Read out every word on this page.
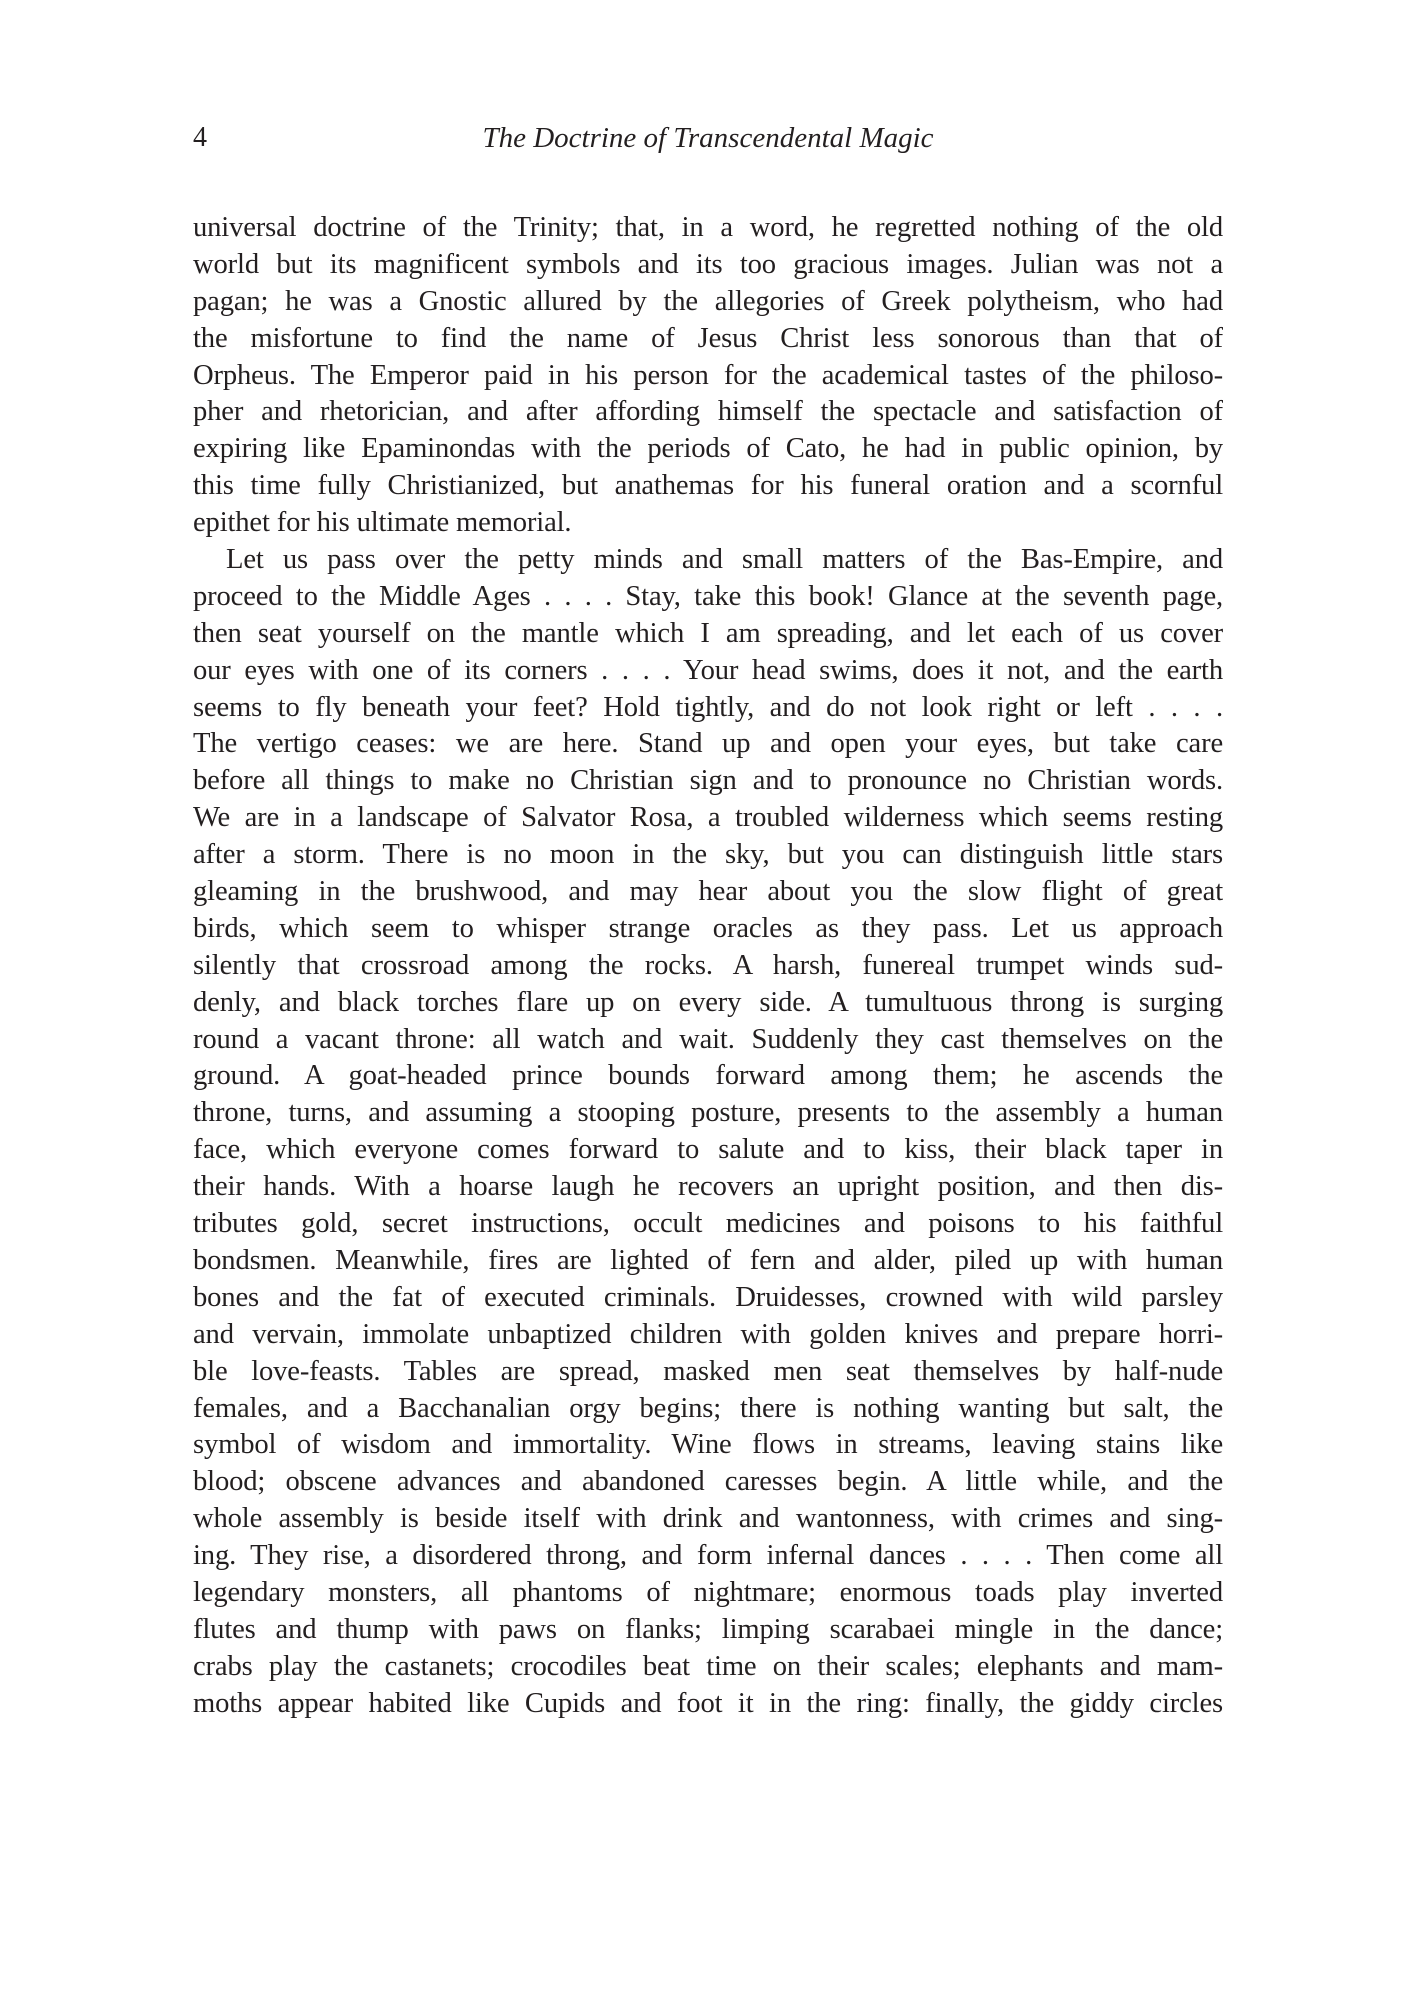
4	The Doctrine of Transcendental Magic
universal doctrine of the Trinity; that, in a word, he regretted nothing of the old
world but its magnificent symbols and its too gracious images. Julian was not a
pagan; he was a Gnostic allured by the allegories of Greek polytheism, who had
the misfortune to find the name of Jesus Christ less sonorous than that of
Orpheus. The Emperor paid in his person for the academical tastes of the philoso-
pher and rhetorician, and after affording himself the spectacle and satisfaction of
expiring like Epaminondas with the periods of Cato, he had in public opinion, by
this time fully Christianized, but anathemas for his funeral oration and a scornful
epithet for his ultimate memorial.
Let us pass over the petty minds and small matters of the Bas-Empire, and
proceed to the Middle Ages . . . . Stay, take this book! Glance at the seventh page,
then seat yourself on the mantle which I am spreading, and let each of us cover
our eyes with one of its corners . . . . Your head swims, does it not, and the earth
seems to fly beneath your feet? Hold tightly, and do not look right or left . . . .
The vertigo ceases: we are here. Stand up and open your eyes, but take care
before all things to make no Christian sign and to pronounce no Christian words.
We are in a landscape of Salvator Rosa, a troubled wilderness which seems resting
after a storm. There is no moon in the sky, but you can distinguish little stars
gleaming in the brushwood, and may hear about you the slow flight of great
birds, which seem to whisper strange oracles as they pass. Let us approach
silently that crossroad among the rocks. A harsh, funereal trumpet winds sud-
denly, and black torches flare up on every side. A tumultuous throng is surging
round a vacant throne: all watch and wait. Suddenly they cast themselves on the
ground. A goat-headed prince bounds forward among them; he ascends the
throne, turns, and assuming a stooping posture, presents to the assembly a human
face, which everyone comes forward to salute and to kiss, their black taper in
their hands. With a hoarse laugh he recovers an upright position, and then dis-
tributes gold, secret instructions, occult medicines and poisons to his faithful
bondsmen. Meanwhile, fires are lighted of fern and alder, piled up with human
bones and the fat of executed criminals. Druidesses, crowned with wild parsley
and vervain, immolate unbaptized children with golden knives and prepare horri-
ble love-feasts. Tables are spread, masked men seat themselves by half-nude
females, and a Bacchanalian orgy begins; there is nothing wanting but salt, the
symbol of wisdom and immortality. Wine flows in streams, leaving stains like
blood; obscene advances and abandoned caresses begin. A little while, and the
whole assembly is beside itself with drink and wantonness, with crimes and sing-
ing. They rise, a disordered throng, and form infernal dances . . . . Then come all
legendary monsters, all phantoms of nightmare; enormous toads play inverted
flutes and thump with paws on flanks; limping scarabaei mingle in the dance;
crabs play the castanets; crocodiles beat time on their scales; elephants and mam-
moths appear habited like Cupids and foot it in the ring: finally, the giddy circles
